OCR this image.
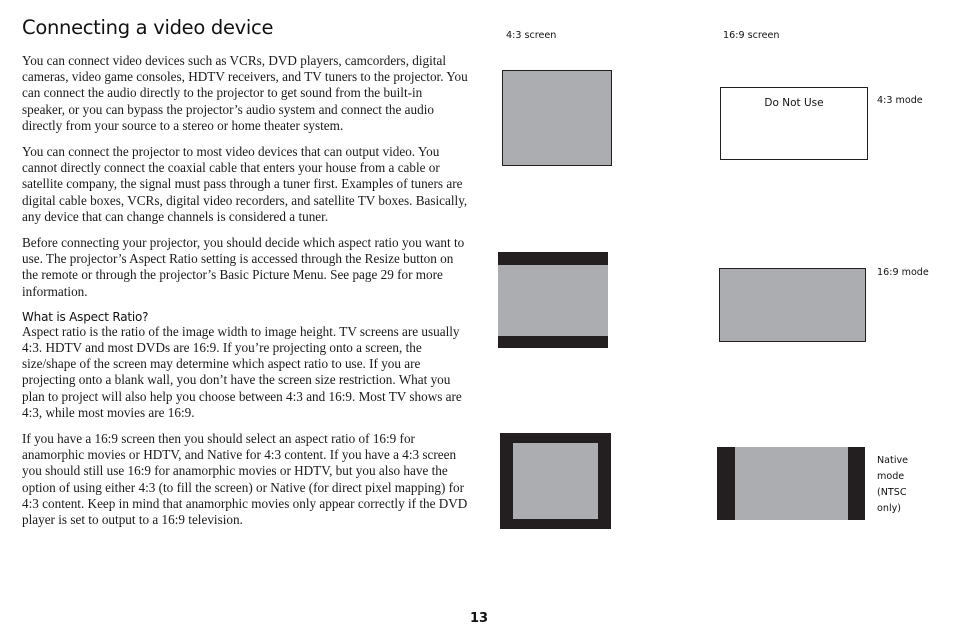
Connecting a video device

You can connect video devices such as VCRs, DVD players, camcorders, digital cameras, video game consoles, HDTV receivers, and TV tuners to the projector. You can connect the audio directly to the projector to get sound from the built-in speaker, or you can bypass the projector’s audio system and connect the audio directly from your source to a stereo or home theater system.

You can connect the projector to most video devices that can output video. You cannot directly connect the coaxial cable that enters your house from a cable or satellite company, the signal must pass through a tuner first. Examples of tuners are digital cable boxes, VCRs, digital video recorders, and satellite TV boxes. Basically, any device that can change channels is considered a tuner.

Before connecting your projector, you should decide which aspect ratio you want to use. The projector’s Aspect Ratio setting is accessed through the Resize button on the remote or through the projector’s Basic Picture Menu. See page 29 for more information.

What is Aspect Ratio?

Aspect ratio is the ratio of the image width to image height. TV screens are usually 4:3. HDTV and most DVDs are 16:9. If you’re projecting onto a screen, the size/shape of the screen may determine which aspect ratio to use. If you are projecting onto a blank wall, you don’t have the screen size restriction. What you plan to project will also help you choose between 4:3 and 16:9. Most TV shows are 4:3, while most movies are 16:9.

If you have a 16:9 screen then you should select an aspect ratio of 16:9 for anamorphic movies or HDTV, and Native for 4:3 content. If you have a 4:3 screen you should still use 16:9 for anamorphic movies or HDTV, but you also have the option of using either 4:3 (to fill the screen) or Native (for direct pixel mapping) for 4:3 content. Keep in mind that anamorphic movies only appear correctly if the DVD player is set to output to a 16:9 television.

4:3 screen	16:9 screen
Do Not Use	4:3 mode
16:9 mode
Native mode (NTSC only)
13
